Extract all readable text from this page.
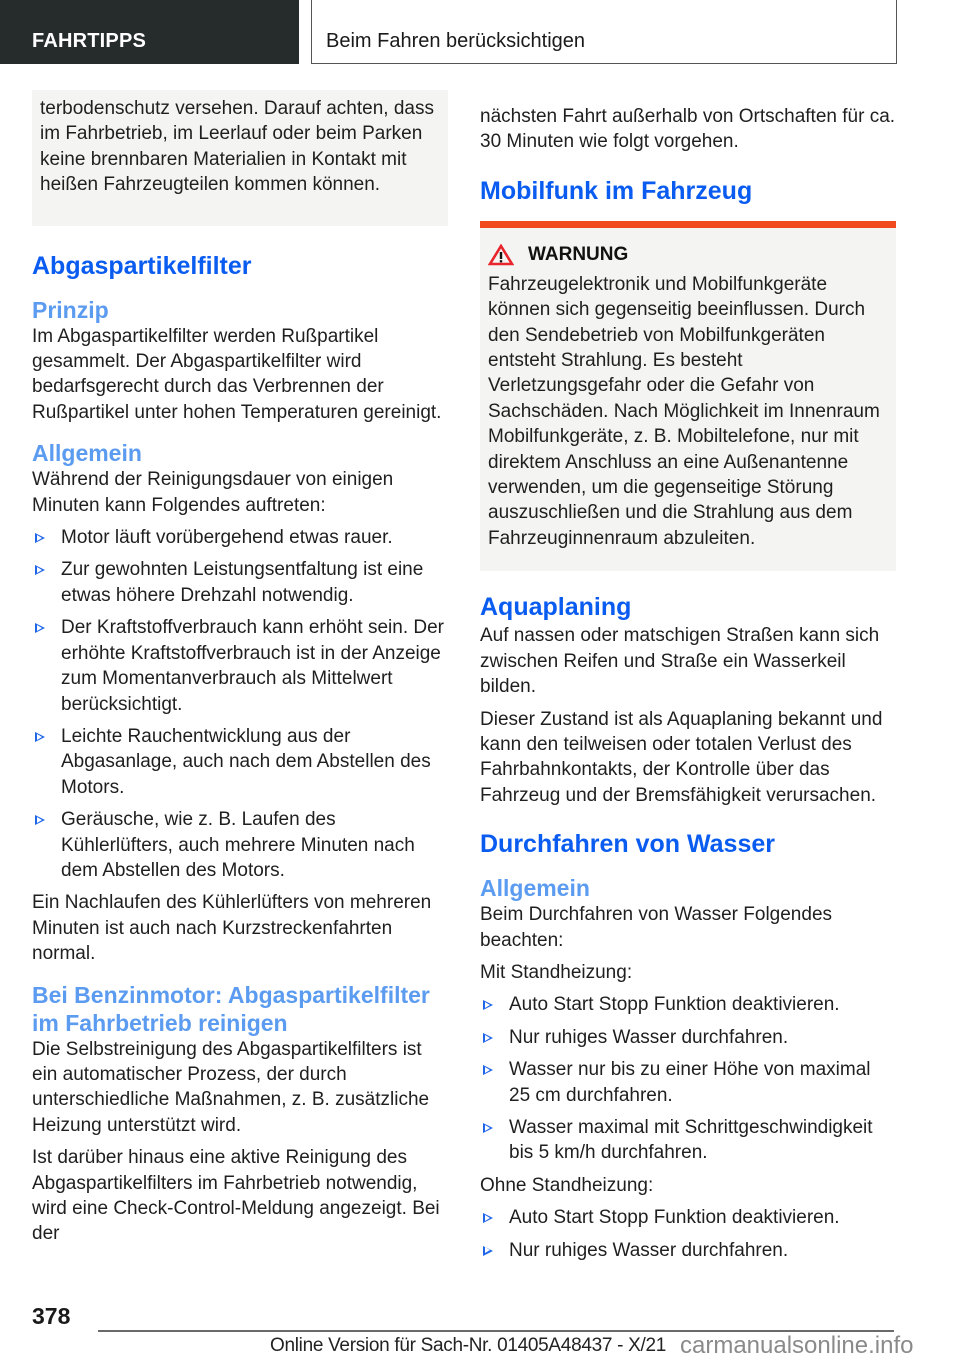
FAHRTIPPS	Beim Fahren berücksichtigen
terbodenschutz versehen. Darauf achten, dass im Fahrbetrieb, im Leerlauf oder beim Parken keine brennbaren Materialien in Kontakt mit heißen Fahrzeugteilen kommen können.
Abgaspartikelfilter
Prinzip
Im Abgaspartikelfilter werden Rußpartikel gesammelt. Der Abgaspartikelfilter wird bedarfsgerecht durch das Verbrennen der Rußpartikel unter hohen Temperaturen gereinigt.
Allgemein
Während der Reinigungsdauer von einigen Minuten kann Folgendes auftreten:
Motor läuft vorübergehend etwas rauer.
Zur gewohnten Leistungsentfaltung ist eine etwas höhere Drehzahl notwendig.
Der Kraftstoffverbrauch kann erhöht sein. Der erhöhte Kraftstoffverbrauch ist in der Anzeige zum Momentanverbrauch als Mittelwert berücksichtigt.
Leichte Rauchentwicklung aus der Abgasanlage, auch nach dem Abstellen des Motors.
Geräusche, wie z. B. Laufen des Kühlerlüfters, auch mehrere Minuten nach dem Abstellen des Motors.
Ein Nachlaufen des Kühlerlüfters von mehreren Minuten ist auch nach Kurzstreckenfahrten normal.
Bei Benzinmotor: Abgaspartikelfilter im Fahrbetrieb reinigen
Die Selbstreinigung des Abgaspartikelfilters ist ein automatischer Prozess, der durch unterschiedliche Maßnahmen, z. B. zusätzliche Heizung unterstützt wird.
Ist darüber hinaus eine aktive Reinigung des Abgaspartikelfilters im Fahrbetrieb notwendig, wird eine Check-Control-Meldung angezeigt. Bei der
nächsten Fahrt außerhalb von Ortschaften für ca. 30 Minuten wie folgt vorgehen.
Mobilfunk im Fahrzeug
WARNUNG
Fahrzeugelektronik und Mobilfunkgeräte können sich gegenseitig beeinflussen. Durch den Sendebetrieb von Mobilfunkgeräten entsteht Strahlung. Es besteht Verletzungsgefahr oder die Gefahr von Sachschäden. Nach Möglichkeit im Innenraum Mobilfunkgeräte, z. B. Mobiltelefone, nur mit direktem Anschluss an eine Außenantenne verwenden, um die gegenseitige Störung auszuschließen und die Strahlung aus dem Fahrzeuginnenraum abzuleiten.
Aquaplaning
Auf nassen oder matschigen Straßen kann sich zwischen Reifen und Straße ein Wasserkeil bilden.
Dieser Zustand ist als Aquaplaning bekannt und kann den teilweisen oder totalen Verlust des Fahrbahnkontakts, der Kontrolle über das Fahrzeug und der Bremsfähigkeit verursachen.
Durchfahren von Wasser
Allgemein
Beim Durchfahren von Wasser Folgendes beachten:
Mit Standheizung:
Auto Start Stopp Funktion deaktivieren.
Nur ruhiges Wasser durchfahren.
Wasser nur bis zu einer Höhe von maximal 25 cm durchfahren.
Wasser maximal mit Schrittgeschwindigkeit bis 5 km/h durchfahren.
Ohne Standheizung:
Auto Start Stopp Funktion deaktivieren.
Nur ruhiges Wasser durchfahren.
378
Online Version für Sach-Nr. 01405A48437 - X/21 carmanualsonline.info
